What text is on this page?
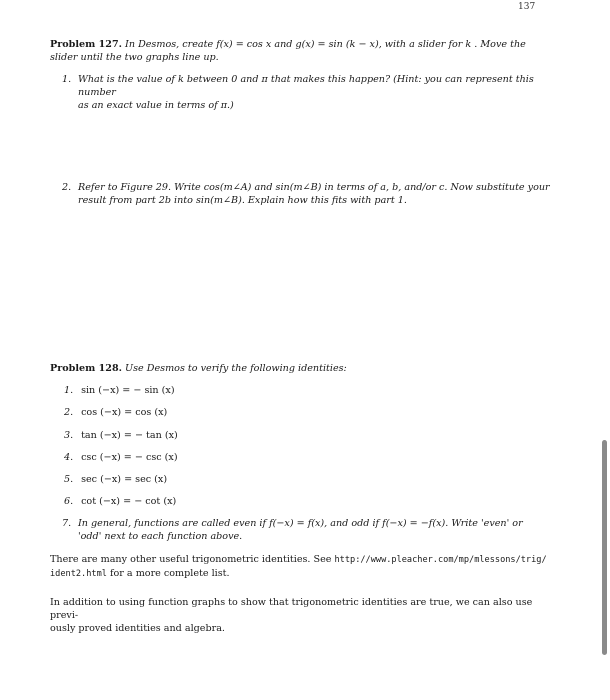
137
Problem 127. In Desmos, create f(x) = cos x and g(x) = sin (k − x), with a slider for k . Move the
slider until the two graphs line up.
1. What is the value of k between 0 and π that makes this happen? (Hint: you can represent this number
as an exact value in terms of π.)
2. Refer to Figure 29. Write cos(m∠A) and sin(m∠B) in terms of a, b, and/or c. Now substitute your
result from part 2b into sin(m∠B). Explain how this fits with part 1.
Problem 128. Use Desmos to verify the following identities:
1. sin (−x) = − sin (x)
2. cos (−x) = cos (x)
3. tan (−x) = − tan (x)
4. csc (−x) = − csc (x)
5. sec (−x) = sec (x)
6. cot (−x) = − cot (x)
7. In general, functions are called even if f(−x) = f(x), and odd if f(−x) = −f(x). Write 'even' or
'odd' next to each function above.
There are many other useful trigonometric identities. See http://www.pleacher.com/mp/mlessons/trig/
ident2.html for a more complete list.
In addition to using function graphs to show that trigonometric identities are true, we can also use previ-
ously proved identities and algebra.
